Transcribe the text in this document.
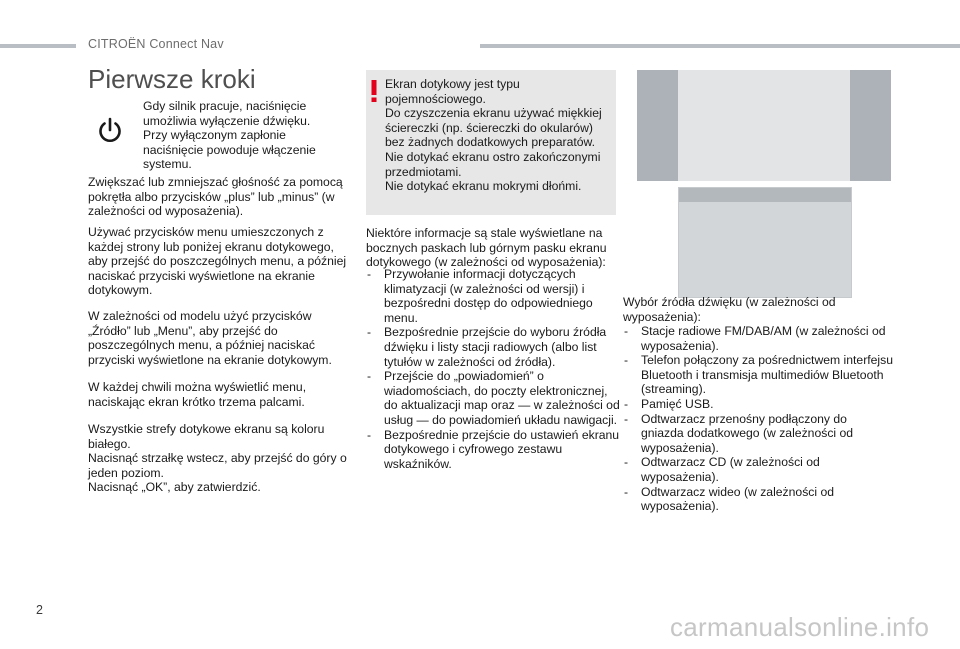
CITROËN Connect Nav
Pierwsze kroki

Gdy silnik pracuje, naciśnięcie umożliwia wyłączenie dźwięku.
Przy wyłączonym zapłonie naciśnięcie powoduje włączenie systemu.

Zwiększać lub zmniejszać głośność za pomocą pokrętła albo przycisków „plus” lub „minus” (w zależności od wyposażenia).

Używać przycisków menu umieszczonych z każdej strony lub poniżej ekranu dotykowego, aby przejść do poszczególnych menu, a później naciskać przyciski wyświetlone na ekranie dotykowym.

W zależności od modelu użyć przycisków „Źródło” lub „Menu”, aby przejść do poszczególnych menu, a później naciskać przyciski wyświetlone na ekranie dotykowym.

W każdej chwili można wyświetlić menu, naciskając ekran krótko trzema palcami.

Wszystkie strefy dotykowe ekranu są koloru białego.
Nacisnąć strzałkę wstecz, aby przejść do góry o jeden poziom.
Nacisnąć „OK”, aby zatwierdzić.

Ekran dotykowy jest typu pojemnościowego.
Do czyszczenia ekranu używać miękkiej ściereczki (np. ściereczki do okularów) bez żadnych dodatkowych preparatów.
Nie dotykać ekranu ostro zakończonymi przedmiotami.
Nie dotykać ekranu mokrymi dłońmi.

Niektóre informacje są stale wyświetlane na bocznych paskach lub górnym pasku ekranu dotykowego (w zależności od wyposażenia):

- Przywołanie informacji dotyczących klimatyzacji (w zależności od wersji) i bezpośredni dostęp do odpowiedniego menu.
- Bezpośrednie przejście do wyboru źródła dźwięku i listy stacji radiowych (albo list tytułów w zależności od źródła).
- Przejście do „powiadomień” o wiadomościach, do poczty elektronicznej, do aktualizacji map oraz — w zależności od usług — do powiadomień układu nawigacji.
- Bezpośrednie przejście do ustawień ekranu dotykowego i cyfrowego zestawu wskaźników.

Wybór źródła dźwięku (w zależności od wyposażenia):

- Stacje radiowe FM/DAB/AM (w zależności od wyposażenia).
- Telefon połączony za pośrednictwem interfejsu Bluetooth i transmisja multimediów Bluetooth (streaming).
- Pamięć USB.
- Odtwarzacz przenośny podłączony do gniazda dodatkowego (w zależności od wyposażenia).
- Odtwarzacz CD (w zależności od wyposażenia).
- Odtwarzacz wideo (w zależności od wyposażenia).
2
carmanualsonline.info
